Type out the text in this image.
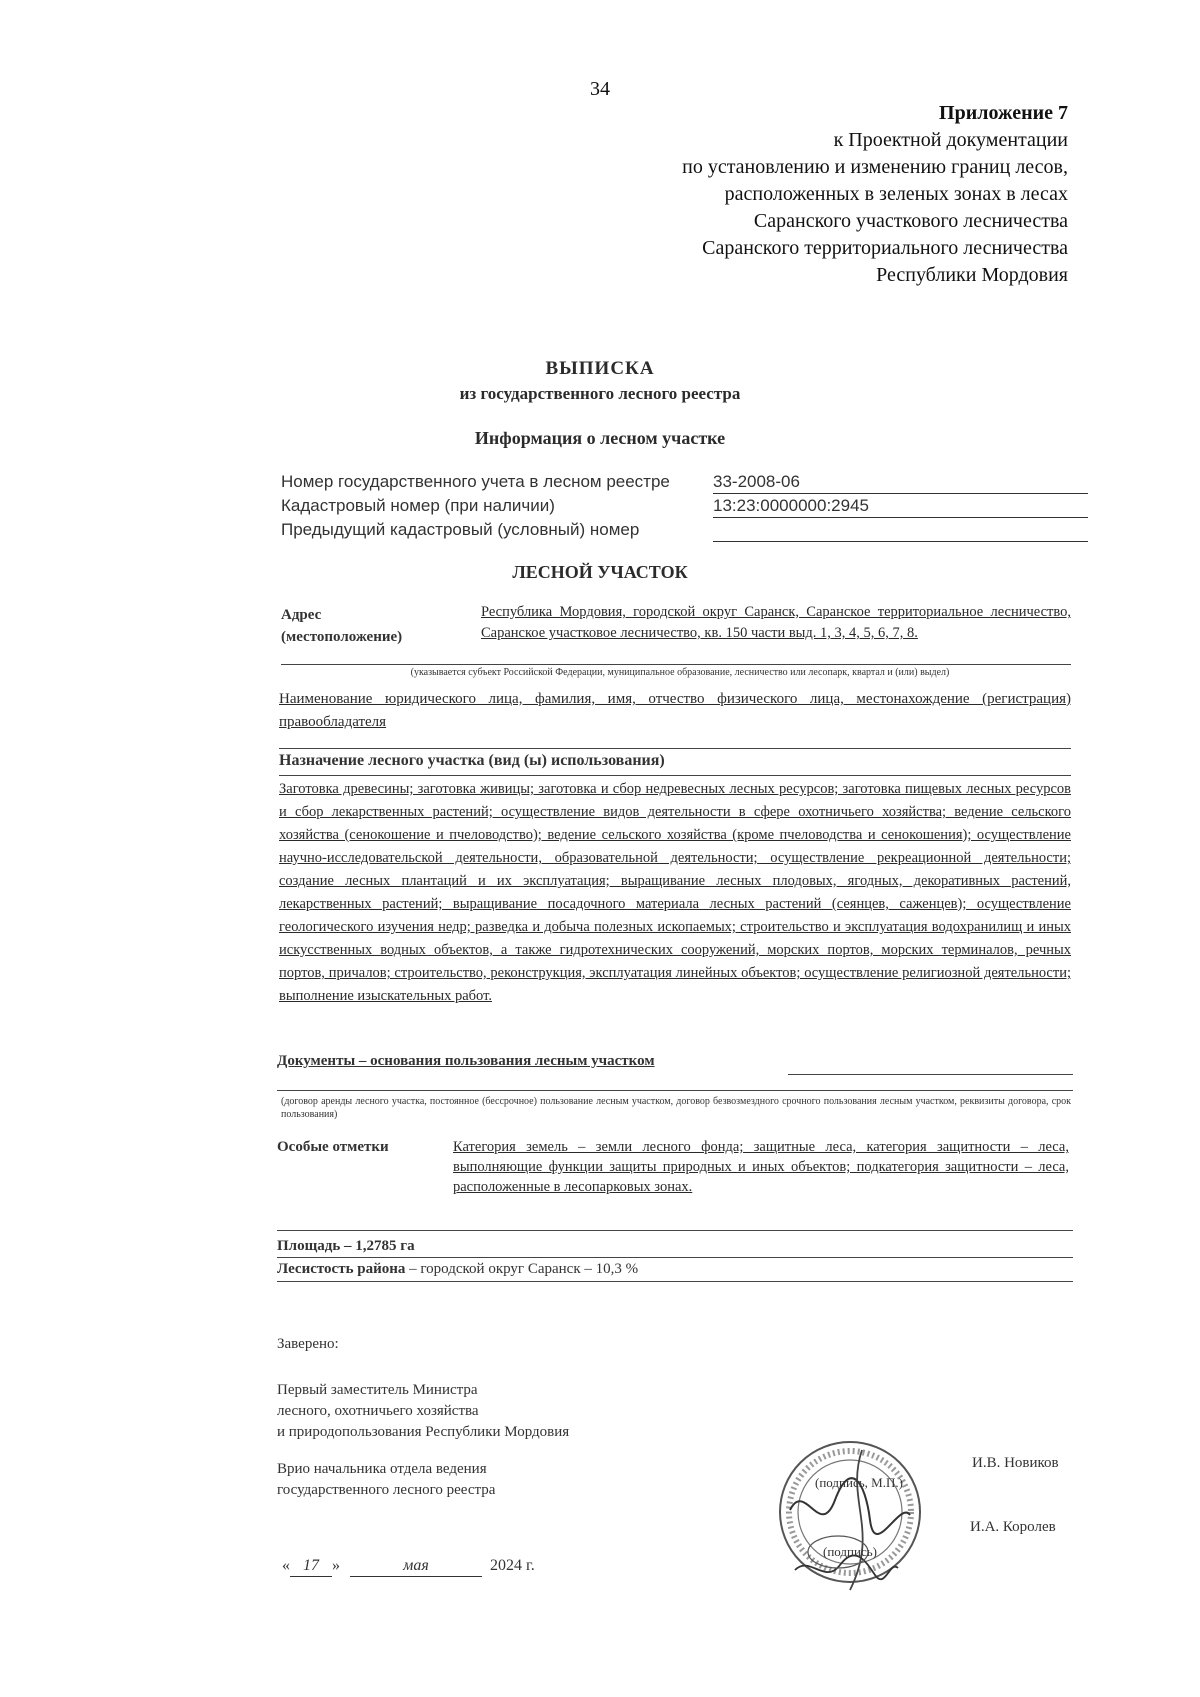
34
Приложение 7
к Проектной документации
по установлению и изменению границ лесов,
расположенных в зеленых зонах в лесах
Саранского участкового лесничества
Саранского территориального лесничества
Республики Мордовия
ВЫПИСКА
из государственного лесного реестра
Информация о лесном участке
Номер государственного учета в лесном реестре	33-2008-06
Кадастровый номер (при наличии)	13:23:0000000:2945
Предыдущий кадастровый (условный) номер
ЛЕСНОЙ УЧАСТОК
Адрес (местоположение)
Республика Мордовия, городской округ Саранск, Саранское территориальное лесничество, Саранское участковое лесничество, кв. 150 части выд. 1, 3, 4, 5, 6, 7, 8.
(указывается субъект Российской Федерации, муниципальное образование, лесничество или лесопарк, квартал и (или) выдел)
Наименование юридического лица, фамилия, имя, отчество физического лица, местонахождение (регистрация) правообладателя
Назначение лесного участка (вид (ы) использования)
Заготовка древесины; заготовка живицы; заготовка и сбор недревесных лесных ресурсов; заготовка пищевых лесных ресурсов и сбор лекарственных растений; осуществление видов деятельности в сфере охотничьего хозяйства; ведение сельского хозяйства (сенокошение и пчеловодство); ведение сельского хозяйства (кроме пчеловодства и сенокошения); осуществление научно-исследовательской деятельности, образовательной деятельности; осуществление рекреационной деятельности; создание лесных плантаций и их эксплуатация; выращивание лесных плодовых, ягодных, декоративных растений, лекарственных растений; выращивание посадочного материала лесных растений (сеянцев, саженцев); осуществление геологического изучения недр; разведка и добыча полезных ископаемых; строительство и эксплуатация водохранилищ и иных искусственных водных объектов, а также гидротехнических сооружений, морских портов, морских терминалов, речных портов, причалов; строительство, реконструкция, эксплуатация линейных объектов; осуществление религиозной деятельности; выполнение изыскательных работ.
Документы – основания пользования лесным участком
(договор аренды лесного участка, постоянное (бессрочное) пользование лесным участком, договор безвозмездного срочного пользования лесным участком, реквизиты договора, срок пользования)
Особые отметки	Категория земель – земли лесного фонда; защитные леса, категория защитности – леса, выполняющие функции защиты природных и иных объектов; подкатегория защитности – леса, расположенные в лесопарковых зонах.
Площадь – 1,2785 га
Лесистость района – городской округ Саранск – 10,3 %
Заверено:
Первый заместитель Министра
лесного, охотничьего хозяйства
и природопользования Республики Мордовия
Врио начальника отдела ведения
государственного лесного реестра	(подпись, М.П.)
(подпись)
И.В. Новиков
И.А. Королев
« 17 »	мая	2024 г.
